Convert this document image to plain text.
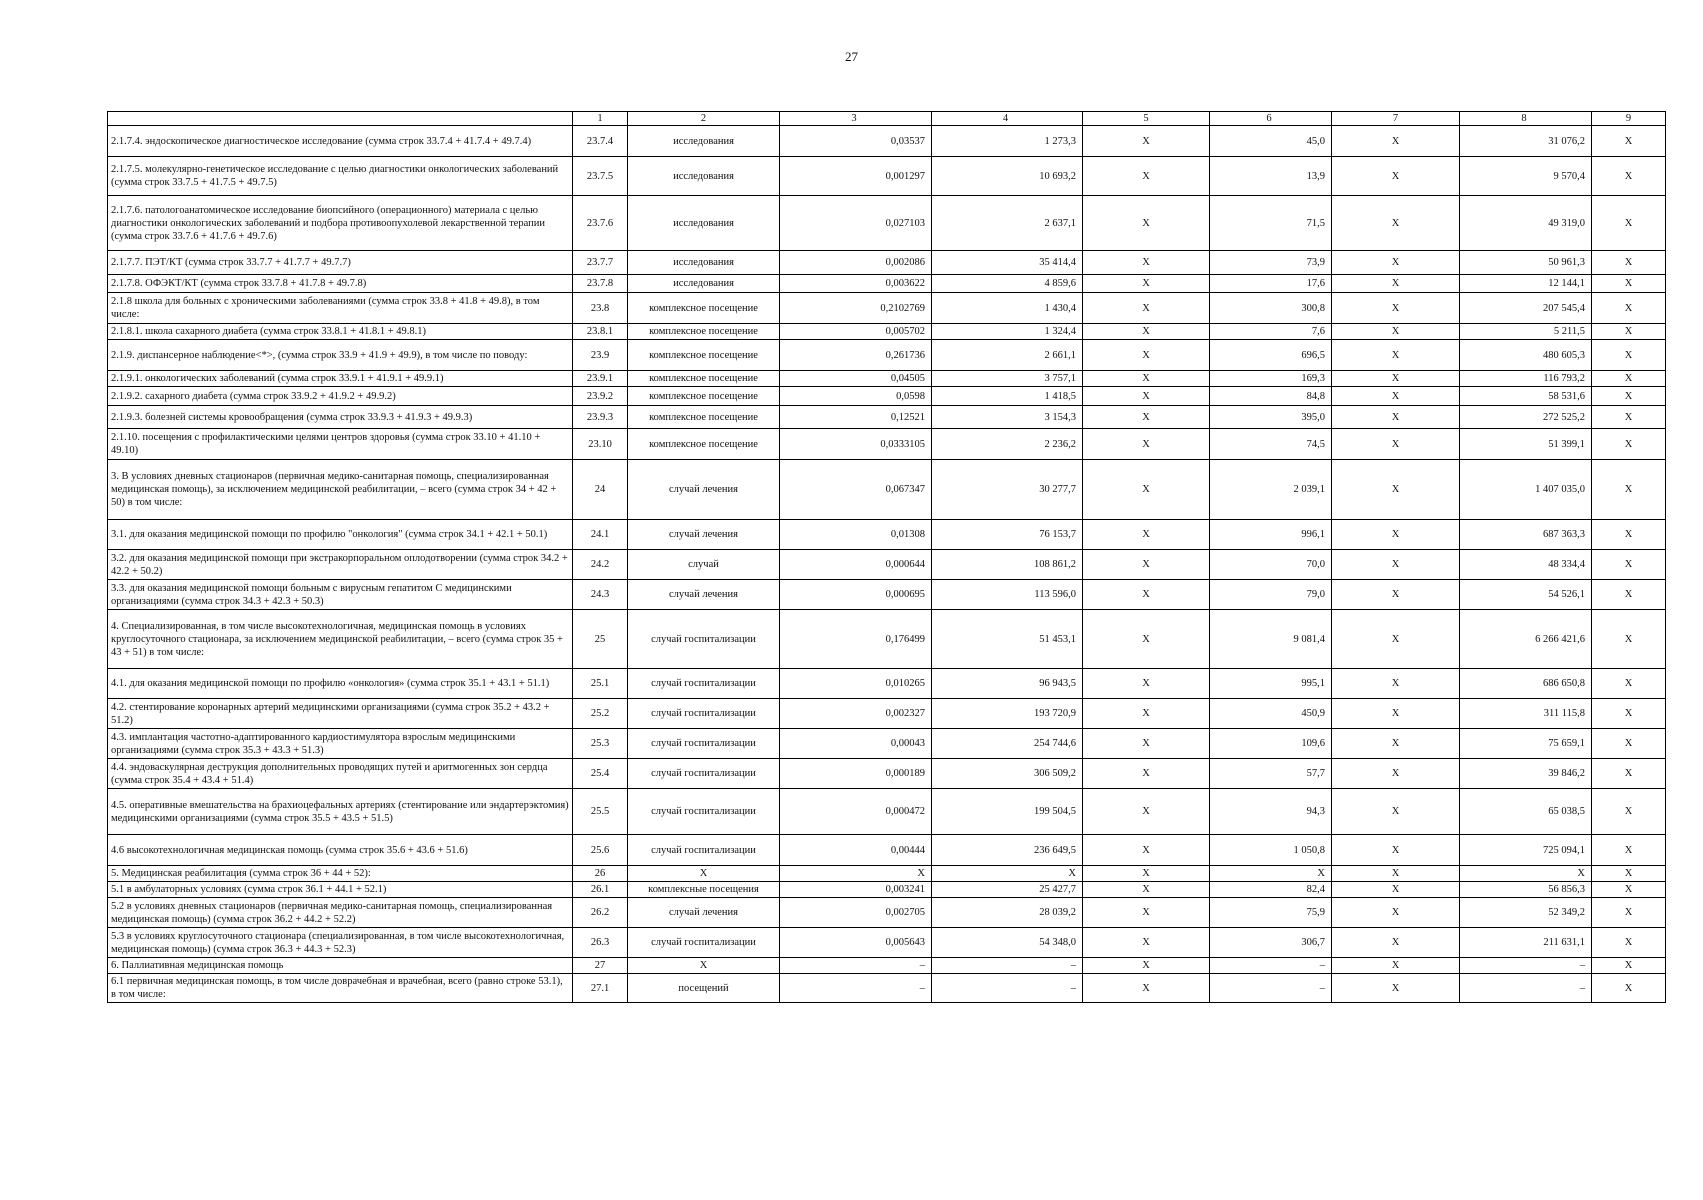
27
	1	2	3	4	5	6	7	8	9
2.1.7.4. эндоскопическое диагностическое исследование (сумма строк 33.7.4 + 41.7.4 + 49.7.4)	23.7.4	исследования	0,03537	1 273,3	X	45,0	X	31 076,2	X
2.1.7.5. молекулярно-генетическое исследование с целью диагностики онкологических заболеваний (сумма строк 33.7.5 + 41.7.5 + 49.7.5)	23.7.5	исследования	0,001297	10 693,2	X	13,9	X	9 570,4	X
2.1.7.6. патологоанатомическое исследование биопсийного (операционного) материала с целью диагностики онкологических заболеваний и подбора противоопухолевой лекарственной терапии (сумма строк 33.7.6 + 41.7.6 + 49.7.6)	23.7.6	исследования	0,027103	2 637,1	X	71,5	X	49 319,0	X
2.1.7.7. ПЭТ/КТ (сумма строк 33.7.7 + 41.7.7 + 49.7.7)	23.7.7	исследования	0,002086	35 414,4	X	73,9	X	50 961,3	X
2.1.7.8. ОФЭКТ/КТ (сумма строк 33.7.8 + 41.7.8 + 49.7.8)	23.7.8	исследования	0,003622	4 859,6	X	17,6	X	12 144,1	X
2.1.8 школа для больных с хроническими заболеваниями (сумма строк 33.8 + 41.8 + 49.8), в том числе:	23.8	комплексное посещение	0,2102769	1 430,4	X	300,8	X	207 545,4	X
2.1.8.1. школа сахарного диабета (сумма строк 33.8.1 + 41.8.1 + 49.8.1)	23.8.1	комплексное посещение	0,005702	1 324,4	X	7,6	X	5 211,5	X
2.1.9. диспансерное наблюдение<*>, (сумма строк 33.9 + 41.9 + 49.9), в том числе по поводу:	23.9	комплексное посещение	0,261736	2 661,1	X	696,5	X	480 605,3	X
2.1.9.1. онкологических заболеваний (сумма строк 33.9.1 + 41.9.1 + 49.9.1)	23.9.1	комплексное посещение	0,04505	3 757,1	X	169,3	X	116 793,2	X
2.1.9.2. сахарного диабета (сумма строк 33.9.2 + 41.9.2 + 49.9.2)	23.9.2	комплексное посещение	0,0598	1 418,5	X	84,8	X	58 531,6	X
2.1.9.3. болезней системы кровообращения (сумма строк 33.9.3 + 41.9.3 + 49.9.3)	23.9.3	комплексное посещение	0,12521	3 154,3	X	395,0	X	272 525,2	X
2.1.10. посещения с профилактическими целями центров здоровья (сумма строк 33.10 + 41.10 + 49.10)	23.10	комплексное посещение	0,0333105	2 236,2	X	74,5	X	51 399,1	X
3. В условиях дневных стационаров (первичная медико-санитарная помощь, специализированная медицинская помощь), за исключением медицинской реабилитации, – всего (сумма строк 34 + 42 + 50) в том числе:	24	случай лечения	0,067347	30 277,7	X	2 039,1	X	1 407 035,0	X
3.1. для оказания медицинской помощи по профилю "онкология" (сумма строк 34.1 + 42.1 + 50.1)	24.1	случай лечения	0,01308	76 153,7	X	996,1	X	687 363,3	X
3.2. для оказания медицинской помощи при экстракорпоральном оплодотворении (сумма строк 34.2 + 42.2 + 50.2)	24.2	случай	0,000644	108 861,2	X	70,0	X	48 334,4	X
3.3. для оказания медицинской помощи больным с вирусным гепатитом С медицинскими организациями (сумма строк 34.3 + 42.3 + 50.3)	24.3	случай лечения	0,000695	113 596,0	X	79,0	X	54 526,1	X
4. Специализированная, в том числе высокотехнологичная, медицинская помощь в условиях круглосуточного стационара, за исключением медицинской реабилитации, – всего (сумма строк 35 + 43 + 51) в том числе:	25	случай госпитализации	0,176499	51 453,1	X	9 081,4	X	6 266 421,6	X
4.1. для оказания медицинской помощи по профилю «онкология» (сумма строк 35.1 + 43.1 + 51.1)	25.1	случай госпитализации	0,010265	96 943,5	X	995,1	X	686 650,8	X
4.2. стентирование коронарных артерий медицинскими организациями (сумма строк 35.2 + 43.2 + 51.2)	25.2	случай госпитализации	0,002327	193 720,9	X	450,9	X	311 115,8	X
4.3. имплантация частотно-адаптированного кардиостимулятора взрослым медицинскими организациями (сумма строк 35.3 + 43.3 + 51.3)	25.3	случай госпитализации	0,00043	254 744,6	X	109,6	X	75 659,1	X
4.4. эндоваскулярная деструкция дополнительных проводящих путей и аритмогенных зон сердца (сумма строк 35.4 + 43.4 + 51.4)	25.4	случай госпитализации	0,000189	306 509,2	X	57,7	X	39 846,2	X
4.5. оперативные вмешательства на брахиоцефальных артериях (стентирование или эндартерэктомия) медицинскими организациями (сумма строк 35.5 + 43.5 + 51.5)	25.5	случай госпитализации	0,000472	199 504,5	X	94,3	X	65 038,5	X
4.6 высокотехнологичная медицинская помощь (сумма строк 35.6 + 43.6 + 51.6)	25.6	случай госпитализации	0,00444	236 649,5	X	1 050,8	X	725 094,1	X
5. Медицинская реабилитация (сумма строк 36 + 44 + 52):	26	X	X	X	X	X	X	X	X
5.1 в амбулаторных условиях (сумма строк 36.1 + 44.1 + 52.1)	26.1	комплексные посещения	0,003241	25 427,7	X	82,4	X	56 856,3	X
5.2 в условиях дневных стационаров (первичная медико-санитарная помощь, специализированная медицинская помощь) (сумма строк 36.2 + 44.2 + 52.2)	26.2	случай лечения	0,002705	28 039,2	X	75,9	X	52 349,2	X
5.3 в условиях круглосуточного стационара (специализированная, в том числе высокотехнологичная, медицинская помощь) (сумма строк 36.3 + 44.3 + 52.3)	26.3	случай госпитализации	0,005643	54 348,0	X	306,7	X	211 631,1	X
6. Паллиативная медицинская помощь	27	X	–	–	X	–	X	–	X
6.1 первичная медицинская помощь, в том числе доврачебная и врачебная, всего (равно строке 53.1), в том числе:	27.1	посещений	–	–	X	–	X	–	X
